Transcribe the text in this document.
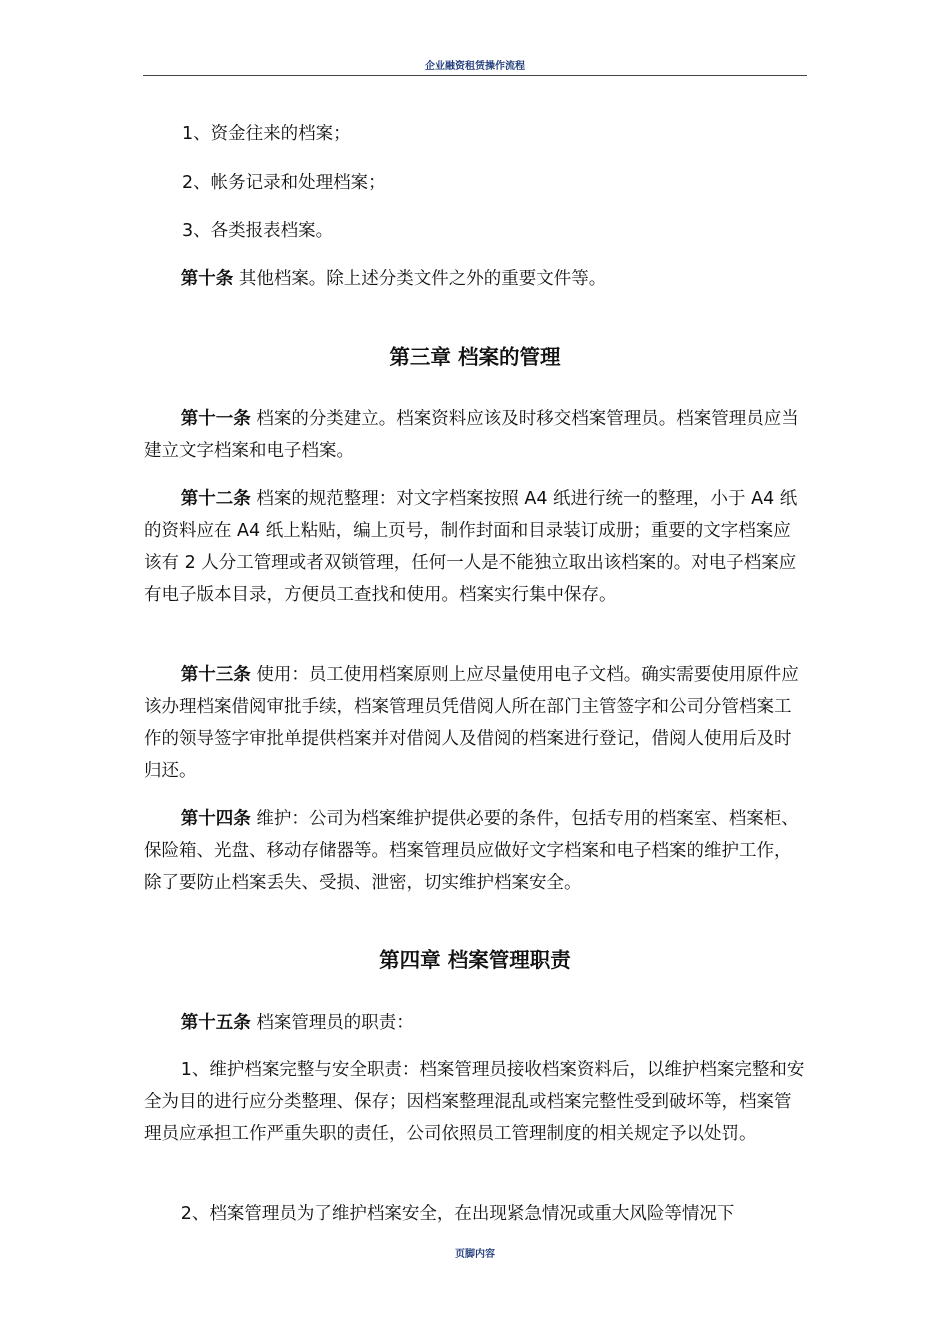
企业融资租赁操作流程

1、资金往来的档案；

2、帐务记录和处理档案；

3、各类报表档案。

第十条 其他档案。除上述分类文件之外的重要文件等。

第三章 档案的管理

第十一条 档案的分类建立。档案资料应该及时移交档案管理员。档案管理员应当建立文字档案和电子档案。

第十二条 档案的规范整理：对文字档案按照 A4 纸进行统一的整理，小于 A4 纸的资料应在 A4 纸上粘贴，编上页号，制作封面和目录装订成册；重要的文字档案应该有 2 人分工管理或者双锁管理，任何一人是不能独立取出该档案的。对电子档案应有电子版本目录，方便员工查找和使用。档案实行集中保存。

第十三条 使用：员工使用档案原则上应尽量使用电子文档。确实需要使用原件应该办理档案借阅审批手续，档案管理员凭借阅人所在部门主管签字和公司分管档案工作的领导签字审批单提供档案并对借阅人及借阅的档案进行登记，借阅人使用后及时归还。

第十四条 维护：公司为档案维护提供必要的条件，包括专用的档案室、档案柜、保险箱、光盘、移动存储器等。档案管理员应做好文字档案和电子档案的维护工作，除了要防止档案丢失、受损、泄密，切实维护档案安全。

第四章 档案管理职责

第十五条 档案管理员的职责：

1、维护档案完整与安全职责：档案管理员接收档案资料后，以维护档案完整和安全为目的进行应分类整理、保存；因档案整理混乱或档案完整性受到破坏等，档案管理员应承担工作严重失职的责任，公司依照员工管理制度的相关规定予以处罚。

2、档案管理员为了维护档案安全，在出现紧急情况或重大风险等情况下

页脚内容
